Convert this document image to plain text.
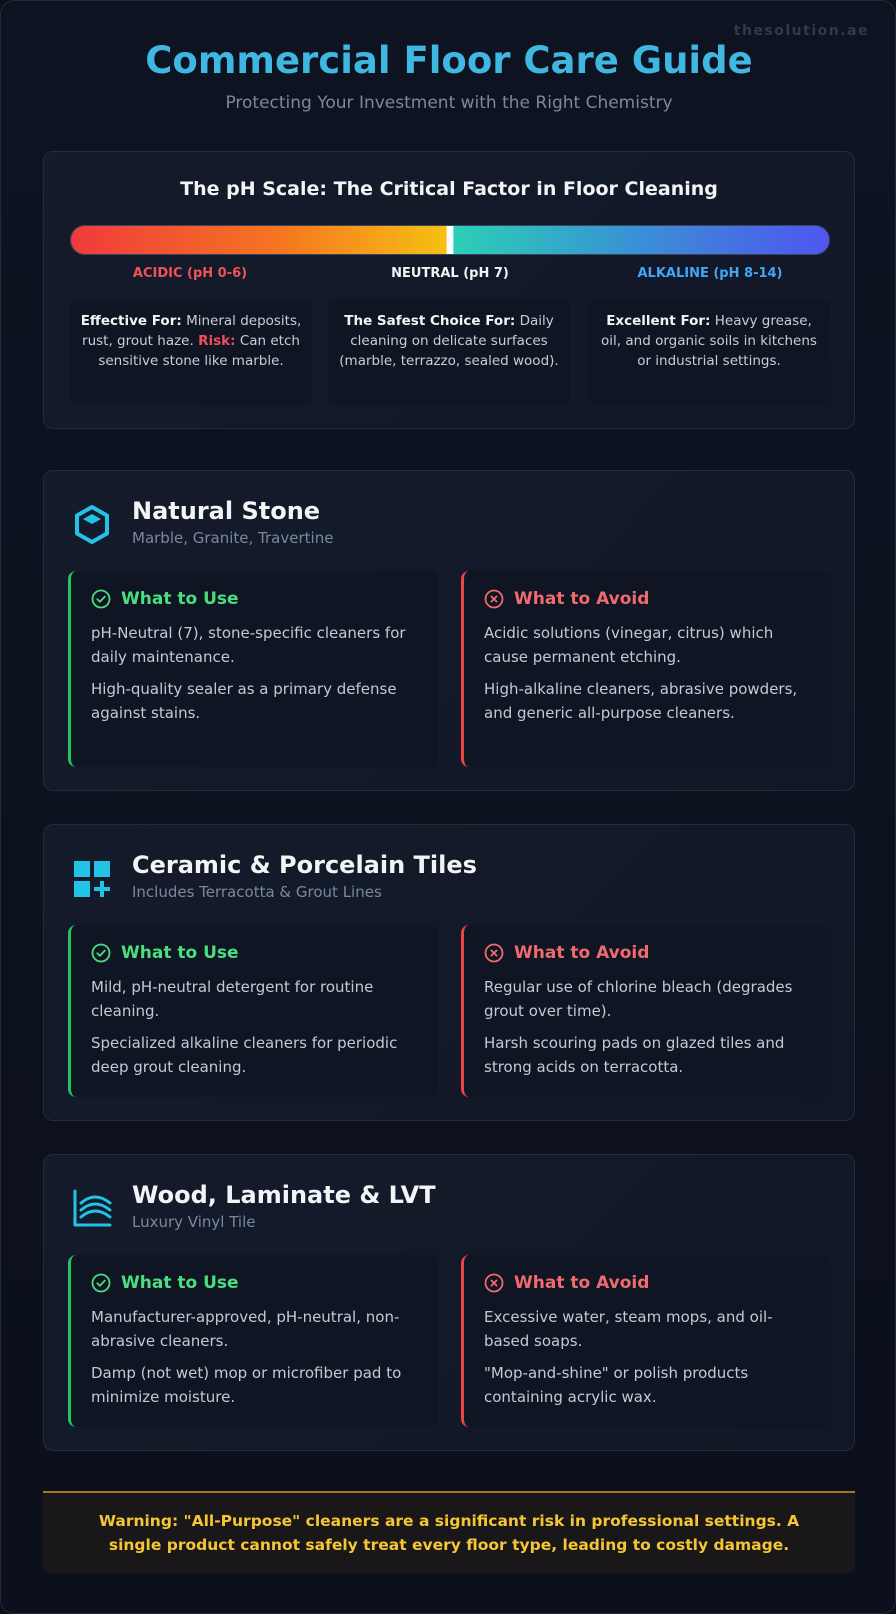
thesolution.ae
Commercial Floor Care Guide
Protecting Your Investment with the Right Chemistry
The pH Scale: The Critical Factor in Floor Cleaning
ACIDIC (pH 0-6)	NEUTRAL (pH 7)	ALKALINE (pH 8-14)
Effective For: Mineral deposits, rust, grout haze. Risk: Can etch sensitive stone like marble.
The Safest Choice For: Daily cleaning on delicate surfaces (marble, terrazzo, sealed wood).
Excellent For: Heavy grease, oil, and organic soils in kitchens or industrial settings.
Natural Stone
Marble, Granite, Travertine
What to Use

pH-Neutral (7), stone-specific cleaners for daily maintenance.

High-quality sealer as a primary defense against stains.

What to Avoid

Acidic solutions (vinegar, citrus) which cause permanent etching.

High-alkaline cleaners, abrasive powders, and generic all-purpose cleaners.

Ceramic & Porcelain Tiles
Includes Terracotta & Grout Lines
What to Use

Mild, pH-neutral detergent for routine cleaning.

Specialized alkaline cleaners for periodic deep grout cleaning.

What to Avoid

Regular use of chlorine bleach (degrades grout over time).

Harsh scouring pads on glazed tiles and strong acids on terracotta.

Wood, Laminate & LVT
Luxury Vinyl Tile
What to Use

Manufacturer-approved, pH-neutral, non-abrasive cleaners.

Damp (not wet) mop or microfiber pad to minimize moisture.

What to Avoid

Excessive water, steam mops, and oil-based soaps.

"Mop-and-shine" or polish products containing acrylic wax.

Warning: "All-Purpose" cleaners are a significant risk in professional settings. A single product cannot safely treat every floor type, leading to costly damage.
